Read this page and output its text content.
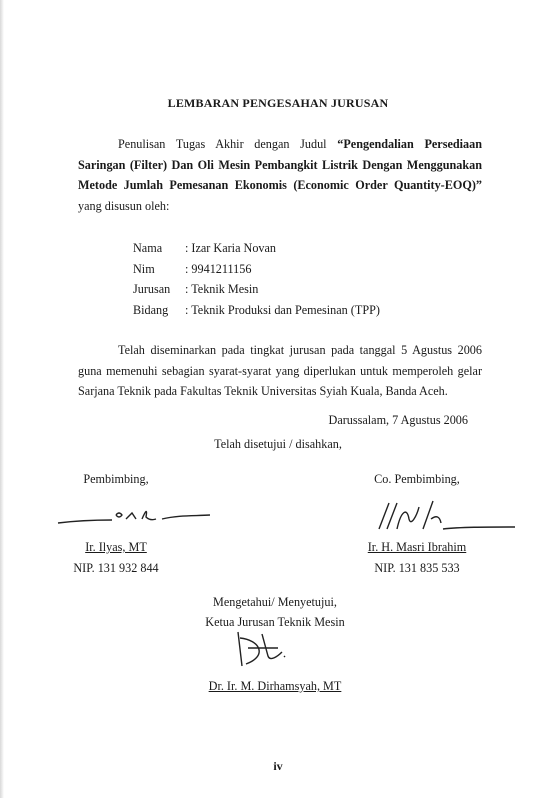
LEMBARAN PENGESAHAN JURUSAN
Penulisan Tugas Akhir dengan Judul “Pengendalian Persediaan Saringan (Filter) Dan Oli Mesin Pembangkit Listrik Dengan Menggunakan Metode Jumlah Pemesanan Ekonomis (Economic Order Quantity-EOQ)” yang disusun oleh:
Nama : Izar Karia Novan
Nim : 9941211156
Jurusan : Teknik Mesin
Bidang : Teknik Produksi dan Pemesinan (TPP)
Telah diseminarkan pada tingkat jurusan pada tanggal 5 Agustus 2006 guna memenuhi sebagian syarat-syarat yang diperlukan untuk memperoleh gelar Sarjana Teknik pada Fakultas Teknik Universitas Syiah Kuala, Banda Aceh.
Darussalam, 7 Agustus 2006
Telah disetujui / disahkan,
Pembimbing,
Ir. Ilyas, MT
NIP. 131 932 844
Co. Pembimbing,
Ir. H. Masri Ibrahim
NIP. 131 835 533
Mengetahui/ Menyetujui,
Ketua Jurusan Teknik Mesin
Dr. Ir. M. Dirhamsyah, MT
iv
